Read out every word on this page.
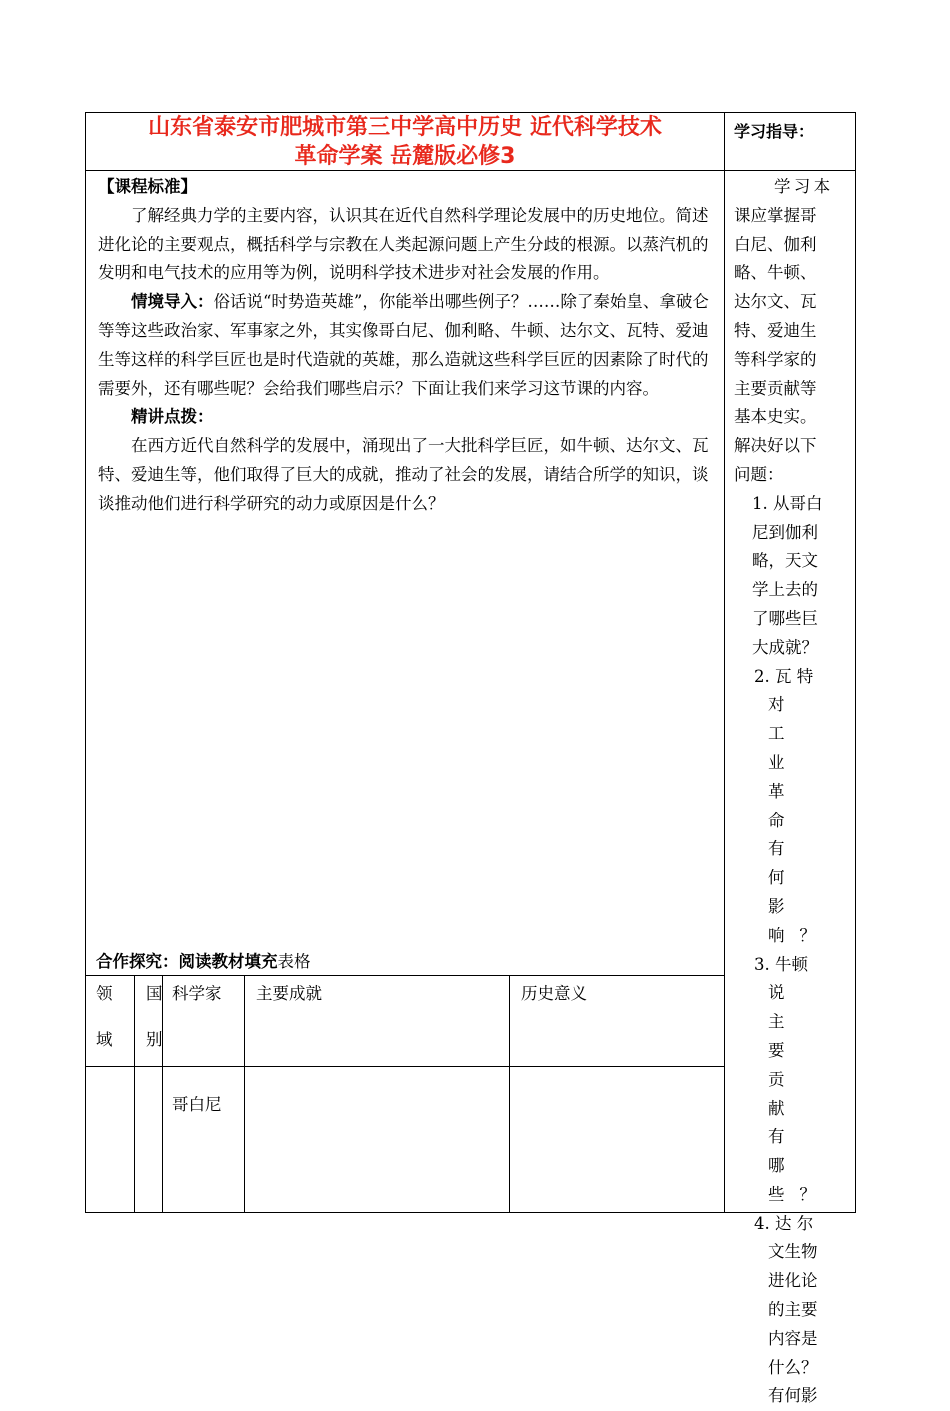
山东省泰安市肥城市第三中学高中历史 近代科学技术
革命学案 岳麓版必修3
学习指导：

【课程标准】

了解经典力学的主要内容，认识其在近代自然科学理论发展中的历史地位。简述进化论的主要观点，概括科学与宗教在人类起源问题上产生分歧的根源。以蒸汽机的发明和电气技术的应用等为例，说明科学技术进步对社会发展的作用。

情境导入：俗话说“时势造英雄”，你能举出哪些例子？……除了秦始皇、拿破仑等等这些政治家、军事家之外，其实像哥白尼、伽利略、牛顿、达尔文、瓦特、爱迪生等这样的科学巨匠也是时代造就的英雄，那么造就这些科学巨匠的因素除了时代的需要外，还有哪些呢？会给我们哪些启示？下面让我们来学习这节课的内容。

精讲点拨：

在西方近代自然科学的发展中，涌现出了一大批科学巨匠，如牛顿、达尔文、瓦特、爱迪生等，他们取得了巨大的成就，推动了社会的发展，请结合所学的知识，谈谈推动他们进行科学研究的动力或原因是什么？

合作探究：阅读教材填充表格
领
域
国
别
科学家 主要成就	历史意义
哥白尼

学习本

课应掌握哥

白尼、伽利

略、牛顿、

达尔文、瓦

特、爱迪生

等科学家的

主要贡献等

基本史实。

解决好以下

问题：

1. 从哥白

尼到伽利

略，天文

学上去的

了哪些巨

大成就？

2. 瓦 特

对 工

业 革

命 有

何 影

响？

3. 牛顿

说 主

要 贡

献 有

哪

些？

4. 达 尔

文生物

进化论

的主要

内容是

什么？

有何影
